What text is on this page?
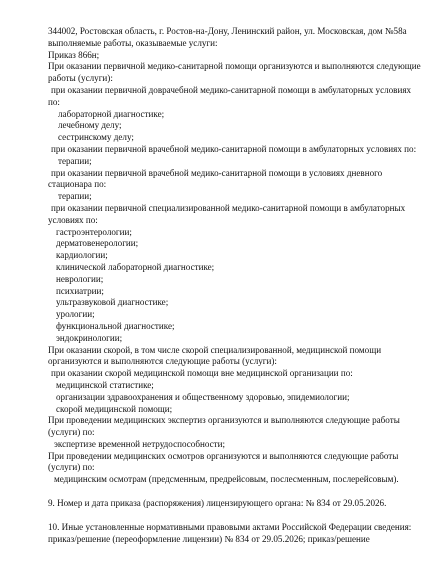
344002, Ростовская область, г. Ростов-на-Дону, Ленинский район, ул. Московская, дом №58а
выполняемые работы, оказываемые услуги:
Приказ 866н;
При оказании первичной медико-санитарной помощи организуются и выполняются следующие
работы (услуги):
при оказании первичной доврачебной медико-санитарной помощи в амбулаторных условиях
по:
лабораторной диагностике;
лечебному делу;
сестринскому делу;
при оказании первичной врачебной медико-санитарной помощи в амбулаторных условиях по:
терапии;
при оказании первичной врачебной медико-санитарной помощи в условиях дневного
стационара по:
терапии;
при оказании первичной специализированной медико-санитарной помощи в амбулаторных
условиях по:
гастроэнтерологии;
дерматовенерологии;
кардиологии;
клинической лабораторной диагностике;
неврологии;
психиатрии;
ультразвуковой диагностике;
урологии;
функциональной диагностике;
эндокринологии;
При оказании скорой, в том числе скорой специализированной, медицинской помощи
организуются и выполняются следующие работы (услуги):
при оказании скорой медицинской помощи вне медицинской организации по:
медицинской статистике;
организации здравоохранения и общественному здоровью, эпидемиологии;
скорой медицинской помощи;
При проведении медицинских экспертиз организуются и выполняются следующие работы
(услуги) по:
экспертизе временной нетрудоспособности;
При проведении медицинских осмотров организуются и выполняются следующие работы
(услуги) по:
медицинским осмотрам (предсменным, предрейсовым, послесменным, послерейсовым).
9. Номер и дата приказа (распоряжения) лицензирующего органа: № 834 от 29.05.2026.
10. Иные установленные нормативными правовыми актами Российской Федерации сведения:
приказ/решение (переоформление лицензии) № 834 от 29.05.2026; приказ/решение
